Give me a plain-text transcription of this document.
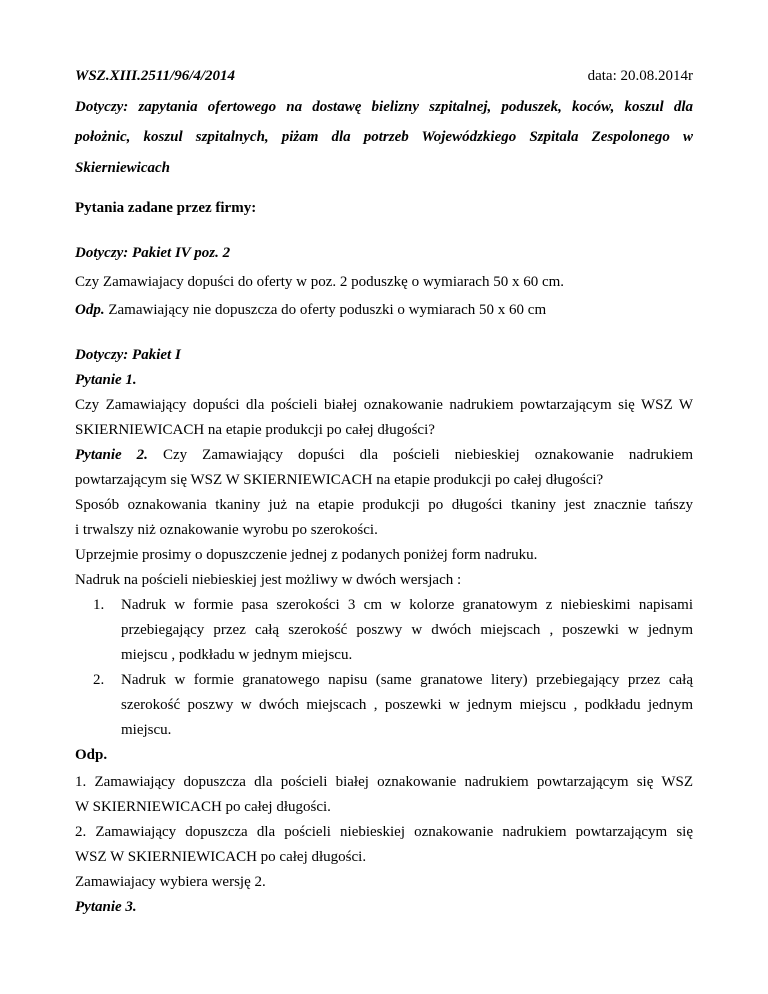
WSZ.XIII.2511/96/4/2014	data: 20.08.2014r
Dotyczy: zapytania ofertowego na dostawę bielizny szpitalnej, poduszek, koców, koszul dla
położnic, koszul szpitalnych, piżam dla potrzeb Wojewódzkiego Szpitala Zespolonego w
Skierniewicach
Pytania zadane przez firmy:
Dotyczy: Pakiet IV poz. 2
Czy Zamawiajacy dopuści do oferty w poz. 2 poduszkę o wymiarach 50 x 60 cm.
Odp. Zamawiający nie dopuszcza do oferty poduszki o wymiarach 50 x 60 cm
Dotyczy: Pakiet I
Pytanie 1.
Czy Zamawiający dopuści dla pościeli białej oznakowanie nadrukiem powtarzającym się WSZ W
SKIERNIEWICACH na etapie produkcji po całej długości?
Pytanie 2. Czy Zamawiający dopuści dla pościeli niebieskiej oznakowanie nadrukiem
powtarzającym się WSZ W SKIERNIEWICACH na etapie produkcji po całej długości?
Sposób oznakowania tkaniny już na etapie produkcji po długości tkaniny jest znacznie tańszy
i trwalszy niż oznakowanie wyrobu po szerokości.
Uprzejmie prosimy o dopuszczenie jednej z podanych poniżej form nadruku.
Nadruk na pościeli niebieskiej jest możliwy w dwóch wersjach :
1. Nadruk w formie pasa szerokości 3 cm w kolorze granatowym z niebieskimi napisami
przebiegający przez całą szerokość poszwy w dwóch miejscach , poszewki w jednym
miejscu , podkładu w jednym miejscu.
2. Nadruk w formie granatowego napisu (same granatowe litery) przebiegający przez całą
szerokość poszwy w dwóch miejscach , poszewki w jednym miejscu , podkładu jednym
miejscu.
Odp.
1. Zamawiający dopuszcza dla pościeli białej oznakowanie nadrukiem powtarzającym się WSZ
W SKIERNIEWICACH po całej długości.
2. Zamawiający dopuszcza dla pościeli niebieskiej oznakowanie nadrukiem powtarzającym się
WSZ W SKIERNIEWICACH po całej długości.
Zamawiajacy wybiera wersję 2.
Pytanie 3.
